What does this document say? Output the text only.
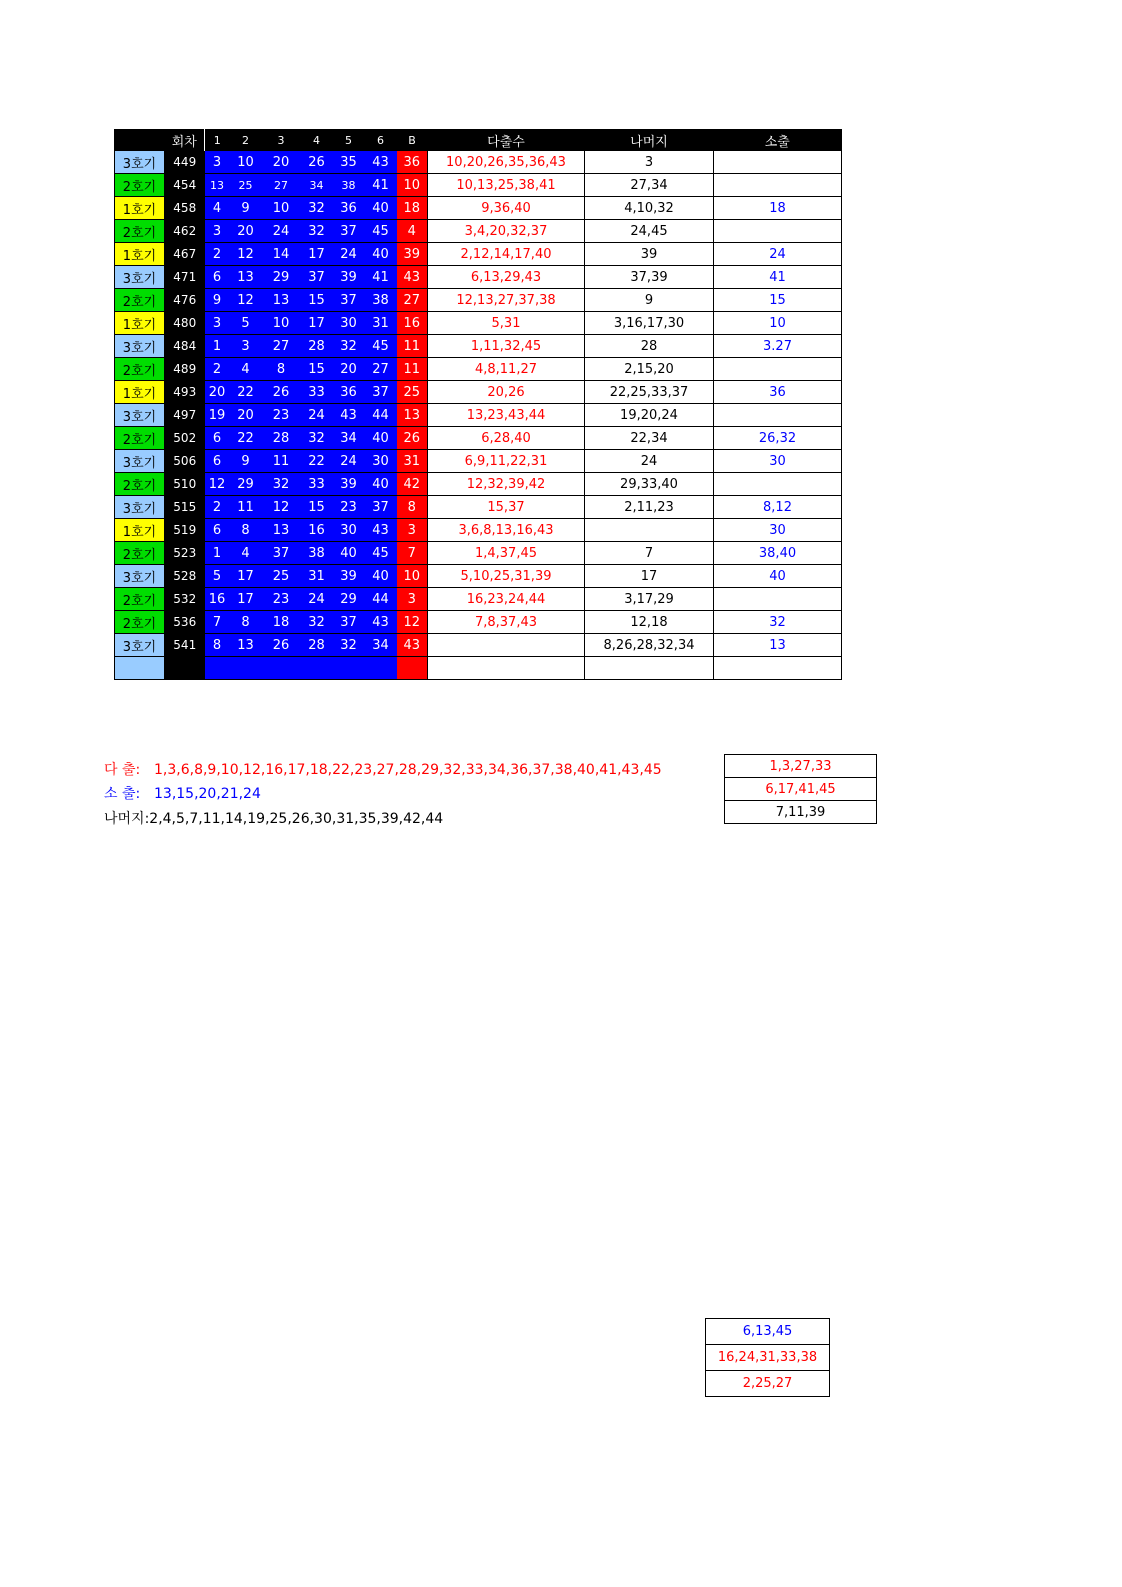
	회차	1	2	3	4	5	6	B	다출수	나머지	소출
3호기	449	3	10	20	26	35	43	36	10,20,26,35,36,43	3	
2호기	454	13	25	27	34	38	41	10	10,13,25,38,41	27,34	
1호기	458	4	9	10	32	36	40	18	9,36,40	4,10,32	18
2호기	462	3	20	24	32	37	45	4	3,4,20,32,37	24,45	
1호기	467	2	12	14	17	24	40	39	2,12,14,17,40	39	24
3호기	471	6	13	29	37	39	41	43	6,13,29,43	37,39	41
2호기	476	9	12	13	15	37	38	27	12,13,27,37,38	9	15
1호기	480	3	5	10	17	30	31	16	5,31	3,16,17,30	10
3호기	484	1	3	27	28	32	45	11	1,11,32,45	28	3.27
2호기	489	2	4	8	15	20	27	11	4,8,11,27	2,15,20	
1호기	493	20	22	26	33	36	37	25	20,26	22,25,33,37	36
3호기	497	19	20	23	24	43	44	13	13,23,43,44	19,20,24	
2호기	502	6	22	28	32	34	40	26	6,28,40	22,34	26,32
3호기	506	6	9	11	22	24	30	31	6,9,11,22,31	24	30
2호기	510	12	29	32	33	39	40	42	12,32,39,42	29,33,40	
3호기	515	2	11	12	15	23	37	8	15,37	2,11,23	8,12
1호기	519	6	8	13	16	30	43	3	3,6,8,13,16,43		30
2호기	523	1	4	37	38	40	45	7	1,4,37,45	7	38,40
3호기	528	5	17	25	31	39	40	10	5,10,25,31,39	17	40
2호기	532	16	17	23	24	29	44	3	16,23,24,44	3,17,29	
2호기	536	7	8	18	32	37	43	12	7,8,37,43	12,18	32
3호기	541	8	13	26	28	32	34	43		8,26,28,32,34	13

다 출: 1,3,6,8,9,10,12,16,17,18,22,23,27,28,29,32,33,34,36,37,38,40,41,43,45
소 출: 13,15,20,21,24
나머지:2,4,5,7,11,14,19,25,26,30,31,35,39,42,44
1,3,27,33
6,17,41,45
7,11,39
6,13,45
16,24,31,33,38
2,25,27
